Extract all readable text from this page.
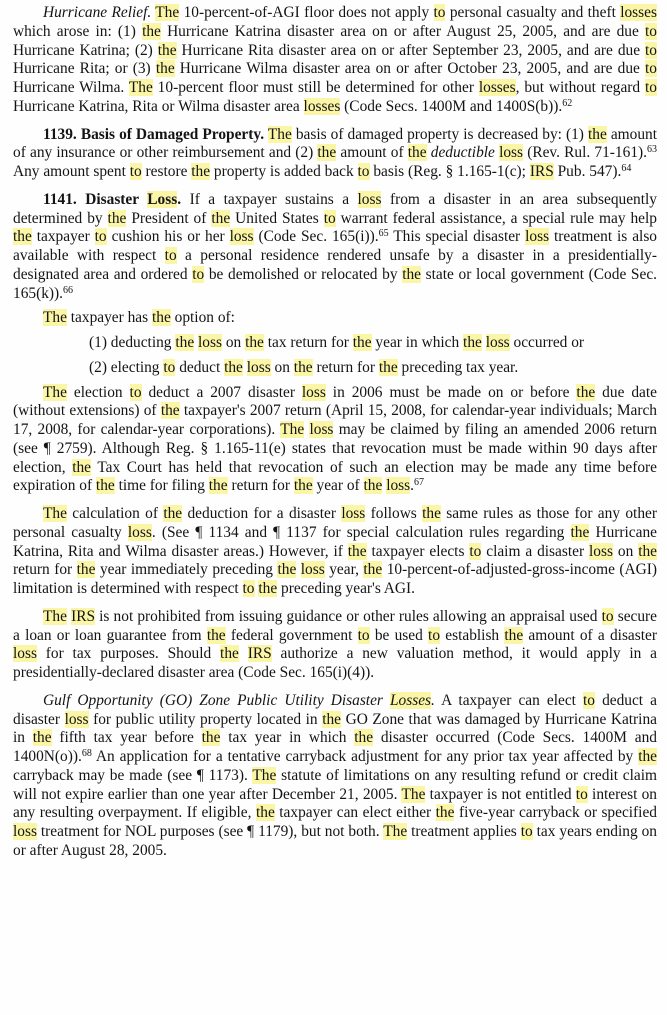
Hurricane Relief. The 10-percent-of-AGI floor does not apply to personal casualty and theft losses which arose in: (1) the Hurricane Katrina disaster area on or after August 25, 2005, and are due to Hurricane Katrina; (2) the Hurricane Rita disaster area on or after September 23, 2005, and are due to Hurricane Rita; or (3) the Hurricane Wilma disaster area on or after October 23, 2005, and are due to Hurricane Wilma. The 10-percent floor must still be determined for other losses, but without regard to Hurricane Katrina, Rita or Wilma disaster area losses (Code Secs. 1400M and 1400S(b)).$^{62}$
1139. Basis of Damaged Property. The basis of damaged property is decreased by: (1) the amount of any insurance or other reimbursement and (2) the amount of the deductible loss (Rev. Rul. 71-161).$^{63}$ Any amount spent to restore the property is added back to basis (Reg. § 1.165-1(c); IRS Pub. 547).$^{64}$
1141. Disaster Loss. If a taxpayer sustains a loss from a disaster in an area subsequently determined by the President of the United States to warrant federal assistance, a special rule may help the taxpayer to cushion his or her loss (Code Sec. 165(i)).$^{65}$ This special disaster loss treatment is also available with respect to a personal residence rendered unsafe by a disaster in a presidentially-designated area and ordered to be demolished or relocated by the state or local government (Code Sec. 165(k)).$^{66}$
The taxpayer has the option of:
(1) deducting the loss on the tax return for the year in which the loss occurred or
(2) electing to deduct the loss on the return for the preceding tax year.
The election to deduct a 2007 disaster loss in 2006 must be made on or before the due date (without extensions) of the taxpayer's 2007 return (April 15, 2008, for calendar-year individuals; March 17, 2008, for calendar-year corporations). The loss may be claimed by filing an amended 2006 return (see ¶ 2759). Although Reg. § 1.165-11(e) states that revocation must be made within 90 days after election, the Tax Court has held that revocation of such an election may be made any time before expiration of the time for filing the return for the year of the loss.$^{67}$
The calculation of the deduction for a disaster loss follows the same rules as those for any other personal casualty loss. (See ¶ 1134 and ¶ 1137 for special calculation rules regarding the Hurricane Katrina, Rita and Wilma disaster areas.) However, if the taxpayer elects to claim a disaster loss on the return for the year immediately preceding the loss year, the 10-percent-of-adjusted-gross-income (AGI) limitation is determined with respect to the preceding year's AGI.
The IRS is not prohibited from issuing guidance or other rules allowing an appraisal used to secure a loan or loan guarantee from the federal government to be used to establish the amount of a disaster loss for tax purposes. Should the IRS authorize a new valuation method, it would apply in a presidentially-declared disaster area (Code Sec. 165(i)(4)).
Gulf Opportunity (GO) Zone Public Utility Disaster Losses. A taxpayer can elect to deduct a disaster loss for public utility property located in the GO Zone that was damaged by Hurricane Katrina in the fifth tax year before the tax year in which the disaster occurred (Code Secs. 1400M and 1400N(o)).$^{68}$ An application for a tentative carryback adjustment for any prior tax year affected by the carryback may be made (see ¶ 1173). The statute of limitations on any resulting refund or credit claim will not expire earlier than one year after December 21, 2005. The taxpayer is not entitled to interest on any resulting overpayment. If eligible, the taxpayer can elect either the five-year carryback or specified loss treatment for NOL purposes (see ¶ 1179), but not both. The treatment applies to tax years ending on or after August 28, 2005.
